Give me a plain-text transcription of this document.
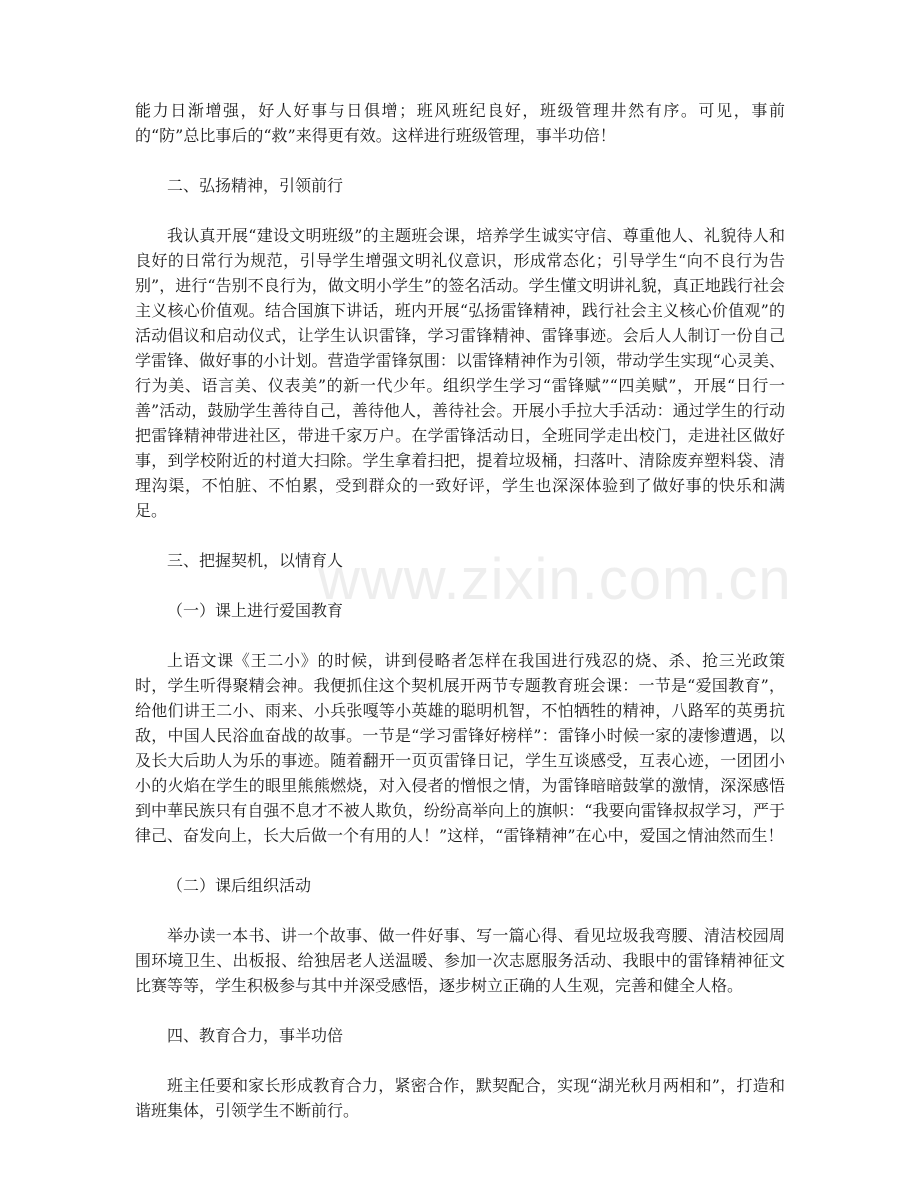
能力日渐增强，好人好事与日俱增；班风班纪良好，班级管理井然有序。可见，事前的“防”总比事后的“救”来得更有效。这样进行班级管理，事半功倍！

二、弘扬精神，引领前行

我认真开展“建设文明班级”的主题班会课，培养学生诚实守信、尊重他人、礼貌待人和良好的日常行为规范，引导学生增强文明礼仪意识，形成常态化；引导学生“向不良行为告别”，进行“告别不良行为，做文明小学生”的签名活动。学生懂文明讲礼貌，真正地践行社会主义核心价值观。结合国旗下讲话，班内开展“弘扬雷锋精神，践行社会主义核心价值观”的活动倡议和启动仪式，让学生认识雷锋，学习雷锋精神、雷锋事迹。会后人人制订一份自己学雷锋、做好事的小计划。营造学雷锋氛围：以雷锋精神作为引领，带动学生实现“心灵美、行为美、语言美、仪表美”的新一代少年。组织学生学习“雷锋赋”“四美赋”，开展“日行一善”活动，鼓励学生善待自己，善待他人，善待社会。开展小手拉大手活动：通过学生的行动把雷锋精神带进社区，带进千家万户。在学雷锋活动日，全班同学走出校门，走进社区做好事，到学校附近的村道大扫除。学生拿着扫把，提着垃圾桶，扫落叶、清除废弃塑料袋、清理沟渠，不怕脏、不怕累，受到群众的一致好评，学生也深深体验到了做好事的快乐和满足。

三、把握契机，以情育人

（一）课上进行爱国教育

上语文课《王二小》的时候，讲到侵略者怎样在我国进行残忍的烧、杀、抢三光政策时，学生听得聚精会神。我便抓住这个契机展开两节专题教育班会课：一节是“爱国教育”，给他们讲王二小、雨来、小兵张嘎等小英雄的聪明机智，不怕牺牲的精神，八路军的英勇抗敌，中国人民浴血奋战的故事。一节是“学习雷锋好榜样”：雷锋小时候一家的凄惨遭遇，以及长大后助人为乐的事迹。随着翻开一页页雷锋日记，学生互谈感受，互表心迹，一团团小小的火焰在学生的眼里熊熊燃烧，对入侵者的憎恨之情，为雷锋暗暗鼓掌的激情，深深感悟到中華民族只有自强不息才不被人欺负，纷纷高举向上的旗帜：“我要向雷锋叔叔学习，严于律己、奋发向上，长大后做一个有用的人！”这样，“雷锋精神”在心中，爱国之情油然而生！

（二）课后组织活动

举办读一本书、讲一个故事、做一件好事、写一篇心得、看见垃圾我弯腰、清洁校园周围环境卫生、出板报、给独居老人送温暖、参加一次志愿服务活动、我眼中的雷锋精神征文比赛等等，学生积极参与其中并深受感悟，逐步树立正确的人生观，完善和健全人格。

四、教育合力，事半功倍

班主任要和家长形成教育合力，紧密合作，默契配合，实现“湖光秋月两相和”，打造和谐班集体，引领学生不断前行。

www.zixin.com.cn
